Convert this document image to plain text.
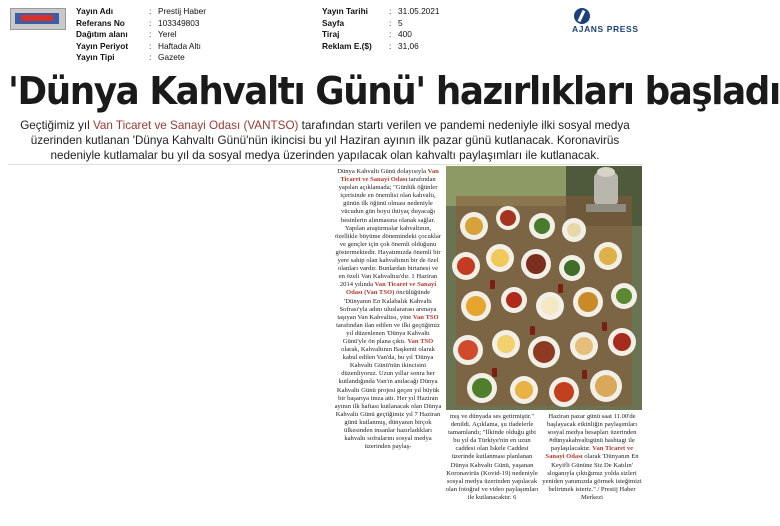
Yayın Adı	: Prestij Haber
Referans No	: 103349803
Dağıtım alanı	: Yerel
Yayın Periyot	: Haftada Altı
Yayın Tipi	: Gazete
Yayın Tarihi	: 31.05.2021
Sayfa	: 5
Tiraj	: 400
Reklam E.($)	: 31,06
AJANS PRESS
'Dünya Kahvaltı Günü' hazırlıkları başladı
Geçtiğimiz yıl Van Ticaret ve Sanayi Odası (VANTSO) tarafından startı verilen ve pandemi nedeniyle ilki sosyal medya üzerinden kutlanan 'Dünya Kahvaltı Günü'nün ikincisi bu yıl Haziran ayının ilk pazar günü kutlanacak. Koronavirüs nedeniyle kutlamalar bu yıl da sosyal medya üzerinden yapılacak olan kahvaltı paylaşımları ile kutlanacak.
Dünya Kahvaltı Günü dolayısıyla Van Ticaret ve Sanayi Odası tarafından yapılan açıklamada; "Günlük öğünler içerisinde en önemlisi olan kahvaltı, günün ilk öğünü olması nedeniyle vücudun gün boyu ihtiyaç duyacağı besinlerin alınmasına olanak sağlar. Yapılan araştırmalar kahvaltının, özellikle büyüme dönemindeki çocuklar ve gençler için çok önemli olduğunu göstermektedir. Hayatımızda önemli bir yere sahip olan kahvaltının bir de özel olanları vardır. Bunlardan birtanesi ve en özeli Van Kahvaltısı'dır. 1 Haziran 2014 yılında Van Ticaret ve Sanayi Odası (Van TSO) öncülüğünde 'Dünyanın En Kalabalık Kahvaltı Sofrası'yla adını uluslararası arenaya taşıyan Van Kahvaltısı, yine Van TSO tarafından ilan edilen ve ilki geçtiğimiz yıl düzenlenen 'Dünya Kahvaltı Günü'yle ön plana çıktı. Van TSO olarak, Kahvaltının Başkenti olarak kabul edilen Van'da, bu yıl 'Dünya Kahvaltı Günü'nün ikincisini düzenliyoruz. Uzun yıllar sonra her kutlandığında Van'ın anılacağı Dünya Kahvaltı Günü projesi geçen yıl büyük bir başarıya imza attı. Her yıl Haziran ayının ilk haftası kutlanacak olan Dünya Kahvaltı Günü geçtiğimiz yıl 7 Haziran günü kutlanmış, dünyanın birçok ülkesinden insanlar hazırladıkları kahvaltı sofralarını sosyal medya üzerinden paylaş-
mış ve dünyada ses getirmiştir." denildi. Açıklama, şu ifadelerle tamamlandı; "İlkinde olduğu gibi bu yıl da Türkiye'nin en uzun caddesi olan İskele Caddesi üzerinde kutlanması planlanan Dünya Kahvaltı Günü, yaşanan Koronavirüs (Kovid-19) nedeniyle sosyal medya üzerinden yapılacak olan fotoğraf ve video paylaşımları ile kutlanacaktır. 6
Haziran pazar günü saat 11.00'de başlayacak etkinliğin paylaşımları sosyal medya hesapları üzerinden #dünyakahvaltıgünü hashtagi ile paylaşılacaktır. Van Ticaret ve Sanayi Odası olarak 'Dünyanın En Keyifli Gününe Siz De Katılın' sloganıyla çıktığımız yolda sizleri yeniden yanımızda görmek isteğimizi belirtmek isteriz." / Prestij Haber Merkezi
